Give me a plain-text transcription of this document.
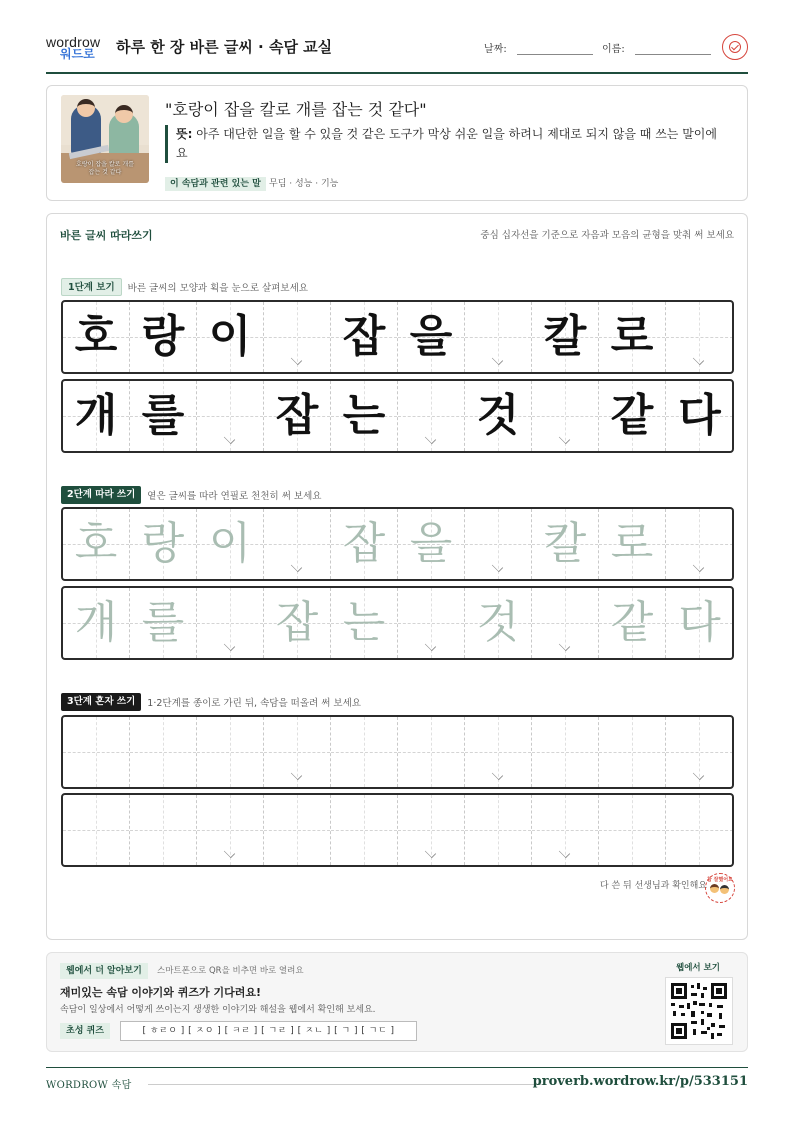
wordrow
워드로 하루 한 장 바른 글씨 · 속담 교실	날짜:	이름:
호랑이 잡을 칼로 개를 잡는 것 같다
"호랑이 잡을 칼로 개를 잡는 것 같다"
뜻: 아주 대단한 일을 할 수 있을 것 같은 도구가 막상 쉬운 일을 하려니 제대로 되지 않을 때 쓰는 말이에요
이 속담과 관련 있는 말 무딤 · 성능 · 기능
바른 글씨 따라쓰기	중심 십자선을 기준으로 자음과 모음의 균형을 맞춰 써 보세요
1단계 보기 바른 글씨의 모양과 획을 눈으로 살펴보세요
호 랑 이 잡 을 칼 로
개 를 잡 는 것 같 다
2단계 따라 쓰기 옅은 글씨를 따라 연필로 천천히 써 보세요
호 랑 이 잡 을 칼 로
개 를 잡 는 것 같 다
3단계 혼자 쓰기 1·2단계를 종이로 가린 뒤, 속담을 떠올려 써 보세요
다 쓴 뒤 선생님과 확인해요
참 잘했어요
웹에서 더 알아보기	스마트폰으로 QR을 비추면 바로 열려요
재미있는 속담 이야기와 퀴즈가 기다려요!
속담이 일상에서 어떻게 쓰이는지 생생한 이야기와 해설을 웹에서 확인해 보세요.
초성 퀴즈	[ ㅎㄹㅇ ] [ ㅈㅇ ] [ ㅋㄹ ] [ ㄱㄹ ] [ ㅈㄴ ] [ ㄱ ] [ ㄱㄷ ]
웹에서 보기
WORDROW 속담	proverb.wordrow.kr/p/533151
